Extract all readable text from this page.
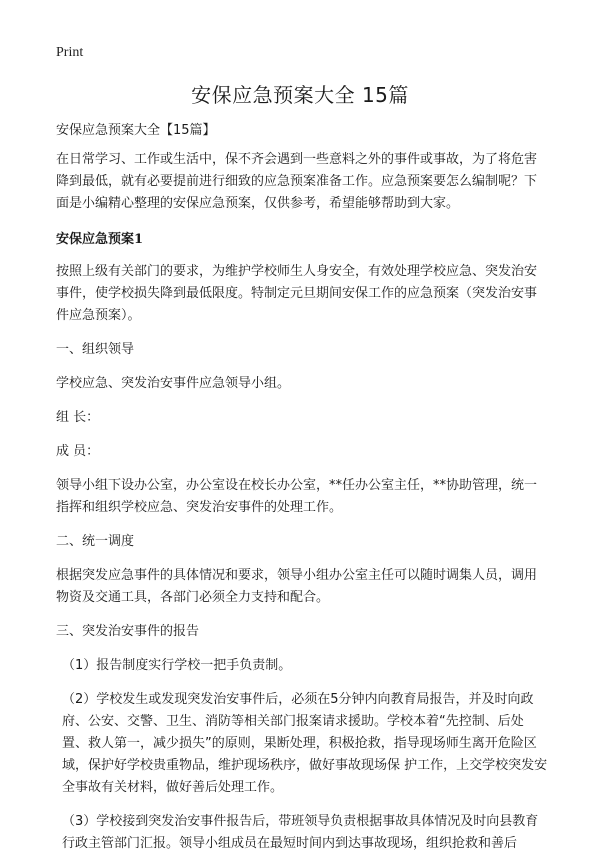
Print
安保应急预案大全 15篇

安保应急预案大全【15篇】

在日常学习、工作或生活中，保不齐会遇到一些意料之外的事件或事故，为了将危害降到最低，就有必要提前进行细致的应急预案准备工作。应急预案要怎么编制呢？下面是小编精心整理的安保应急预案，仅供参考，希望能够帮助到大家。

安保应急预案1

按照上级有关部门的要求，为维护学校师生人身安全，有效处理学校应急、突发治安事件，使学校损失降到最低限度。特制定元旦期间安保工作的应急预案（突发治安事件应急预案）。

一、组织领导

学校应急、突发治安事件应急领导小组。

组 长：

成 员：

领导小组下设办公室，办公室设在校长办公室，**任办公室主任，**协助管理，统一指挥和组织学校应急、突发治安事件的处理工作。

二、统一调度

根据突发应急事件的具体情况和要求，领导小组办公室主任可以随时调集人员，调用物资及交通工具，各部门必须全力支持和配合。

三、突发治安事件的报告

（1）报告制度实行学校一把手负责制。

（2）学校发生或发现突发治安事件后，必须在5分钟内向教育局报告，并及时向政府、公安、交警、卫生、消防等相关部门报案请求援助。学校本着“先控制、后处置、救人第一，减少损失”的原则，果断处理，积极抢救，指导现场师生离开危险区域，保护好学校贵重物品，维护现场秩序，做好事故现场保 护工作，上交学校突发安全事故有关材料，做好善后处理工作。

（3）学校接到突发治安事件报告后，带班领导负责根据事故具体情况及时向县教育行政主管部门汇报。领导小组成员在最短时间内到达事故现场，组织抢救和善后
